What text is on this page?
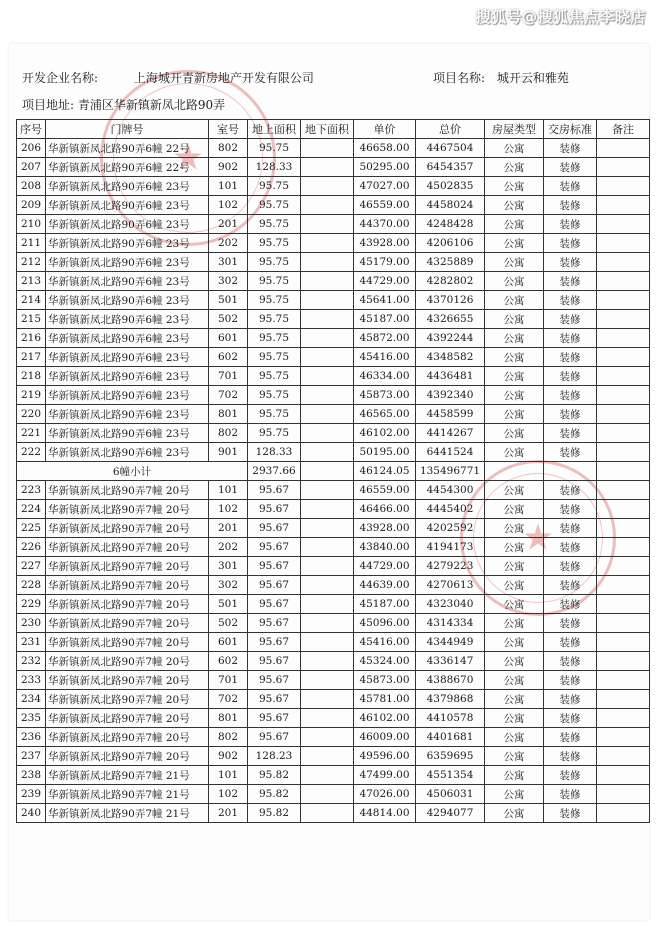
搜狐号@搜狐焦点李晓店
★
★
开发企业名称:	上海城开青新房地产开发有限公司	项目名称: 城开云和雅苑
项目地址: 青浦区华新镇新凤北路90弄
序号	门牌号	室号	地上面积	地下面积	单价	总价	房屋类型	交房标准	备注
206	华新镇新凤北路90弄6幢 22号	802	95.75		46658.00	4467504	公寓	装修	
207	华新镇新凤北路90弄6幢 22号	902	128.33		50295.00	6454357	公寓	装修	
208	华新镇新凤北路90弄6幢 23号	101	95.75		47027.00	4502835	公寓	装修	
209	华新镇新凤北路90弄6幢 23号	102	95.75		46559.00	4458024	公寓	装修	
210	华新镇新凤北路90弄6幢 23号	201	95.75		44370.00	4248428	公寓	装修	
211	华新镇新凤北路90弄6幢 23号	202	95.75		43928.00	4206106	公寓	装修	
212	华新镇新凤北路90弄6幢 23号	301	95.75		45179.00	4325889	公寓	装修	
213	华新镇新凤北路90弄6幢 23号	302	95.75		44729.00	4282802	公寓	装修	
214	华新镇新凤北路90弄6幢 23号	501	95.75		45641.00	4370126	公寓	装修	
215	华新镇新凤北路90弄6幢 23号	502	95.75		45187.00	4326655	公寓	装修	
216	华新镇新凤北路90弄6幢 23号	601	95.75		45872.00	4392244	公寓	装修	
217	华新镇新凤北路90弄6幢 23号	602	95.75		45416.00	4348582	公寓	装修	
218	华新镇新凤北路90弄6幢 23号	701	95.75		46334.00	4436481	公寓	装修	
219	华新镇新凤北路90弄6幢 23号	702	95.75		45873.00	4392340	公寓	装修	
220	华新镇新凤北路90弄6幢 23号	801	95.75		46565.00	4458599	公寓	装修	
221	华新镇新凤北路90弄6幢 23号	802	95.75		46102.00	4414267	公寓	装修	
222	华新镇新凤北路90弄6幢 23号	901	128.33		50195.00	6441524	公寓	装修	
6幢小计			2937.66		46124.05	135496771			
223	华新镇新凤北路90弄7幢 20号	101	95.67		46559.00	4454300	公寓	装修	
224	华新镇新凤北路90弄7幢 20号	102	95.67		46466.00	4445402	公寓	装修	
225	华新镇新凤北路90弄7幢 20号	201	95.67		43928.00	4202592	公寓	装修	
226	华新镇新凤北路90弄7幢 20号	202	95.67		43840.00	4194173	公寓	装修	
227	华新镇新凤北路90弄7幢 20号	301	95.67		44729.00	4279223	公寓	装修	
228	华新镇新凤北路90弄7幢 20号	302	95.67		44639.00	4270613	公寓	装修	
229	华新镇新凤北路90弄7幢 20号	501	95.67		45187.00	4323040	公寓	装修	
230	华新镇新凤北路90弄7幢 20号	502	95.67		45096.00	4314334	公寓	装修	
231	华新镇新凤北路90弄7幢 20号	601	95.67		45416.00	4344949	公寓	装修	
232	华新镇新凤北路90弄7幢 20号	602	95.67		45324.00	4336147	公寓	装修	
233	华新镇新凤北路90弄7幢 20号	701	95.67		45873.00	4388670	公寓	装修	
234	华新镇新凤北路90弄7幢 20号	702	95.67		45781.00	4379868	公寓	装修	
235	华新镇新凤北路90弄7幢 20号	801	95.67		46102.00	4410578	公寓	装修	
236	华新镇新凤北路90弄7幢 20号	802	95.67		46009.00	4401681	公寓	装修	
237	华新镇新凤北路90弄7幢 20号	902	128.23		49596.00	6359695	公寓	装修	
238	华新镇新凤北路90弄7幢 21号	101	95.82		47499.00	4551354	公寓	装修	
239	华新镇新凤北路90弄7幢 21号	102	95.82		47026.00	4506031	公寓	装修	
240	华新镇新凤北路90弄7幢 21号	201	95.82		44814.00	4294077	公寓	装修	
